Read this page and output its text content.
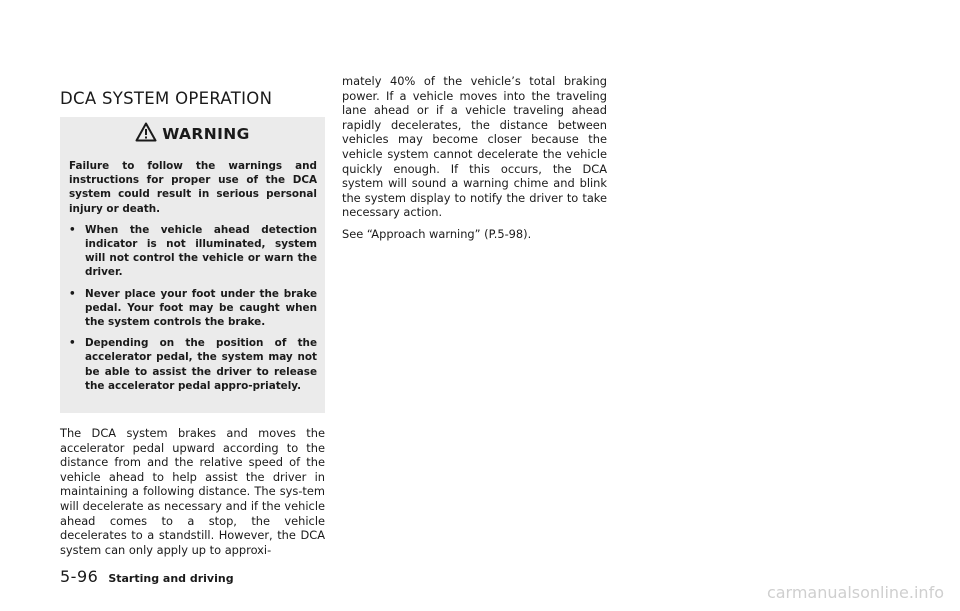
DCA SYSTEM OPERATION
WARNING

Failure to follow the warnings and instructions for proper use of the DCA system could result in serious personal injury or death.

• When the vehicle ahead detection indicator is not illuminated, system will not control the vehicle or warn the driver.

• Never place your foot under the brake pedal. Your foot may be caught when the system controls the brake.

• Depending on the position of the accelerator pedal, the system may not be able to assist the driver to release the accelerator pedal appro-priately.

The DCA system brakes and moves the accelerator pedal upward according to the distance from and the relative speed of the vehicle ahead to help assist the driver in maintaining a following distance. The sys-tem will decelerate as necessary and if the vehicle ahead comes to a stop, the vehicle decelerates to a standstill. However, the DCA system can only apply up to approxi-

mately 40% of the vehicle’s total braking power. If a vehicle moves into the traveling lane ahead or if a vehicle traveling ahead rapidly decelerates, the distance between vehicles may become closer because the vehicle system cannot decelerate the vehicle quickly enough. If this occurs, the DCA system will sound a warning chime and blink the system display to notify the driver to take necessary action.

See “Approach warning” (P.5-98).

5-96 Starting and driving
carmanualsonline.info
